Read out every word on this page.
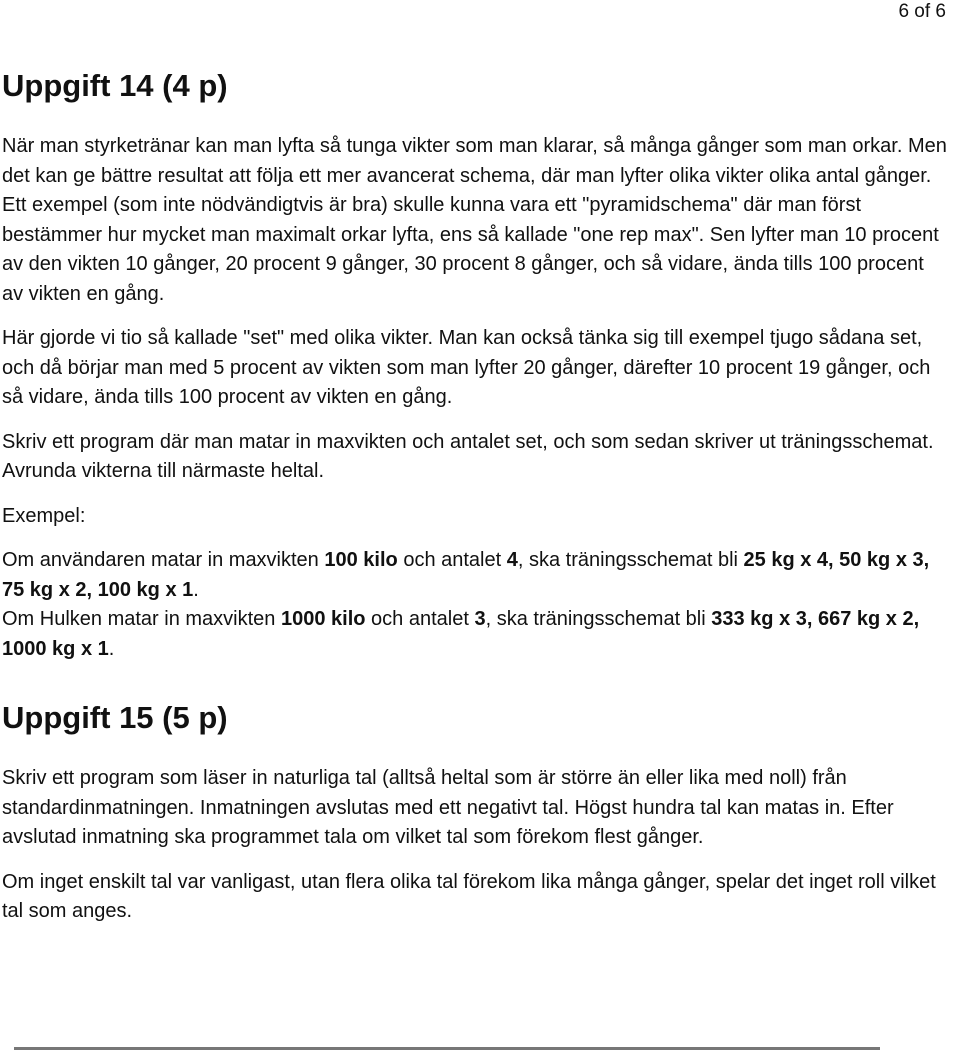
6 of 6
Uppgift 14 (4 p)

När man styrketränar kan man lyfta så tunga vikter som man klarar, så många gånger som man orkar. Men det kan ge bättre resultat att följa ett mer avancerat schema, där man lyfter olika vikter olika antal gånger. Ett exempel (som inte nödvändigtvis är bra) skulle kunna vara ett "pyramidschema" där man först bestämmer hur mycket man maximalt orkar lyfta, ens så kallade "one rep max". Sen lyfter man 10 procent av den vikten 10 gånger, 20 procent 9 gånger, 30 procent 8 gånger, och så vidare, ända tills 100 procent av vikten en gång.

Här gjorde vi tio så kallade "set" med olika vikter. Man kan också tänka sig till exempel tjugo sådana set, och då börjar man med 5 procent av vikten som man lyfter 20 gånger, därefter 10 procent 19 gånger, och så vidare, ända tills 100 procent av vikten en gång.

Skriv ett program där man matar in maxvikten och antalet set, och som sedan skriver ut träningsschemat. Avrunda vikterna till närmaste heltal.

Exempel:

Om användaren matar in maxvikten 100 kilo och antalet 4, ska träningsschemat bli 25 kg x 4, 50 kg x 3, 75 kg x 2, 100 kg x 1.

Om Hulken matar in maxvikten 1000 kilo och antalet 3, ska träningsschemat bli 333 kg x 3, 667 kg x 2, 1000 kg x 1.

Uppgift 15 (5 p)

Skriv ett program som läser in naturliga tal (alltså heltal som är större än eller lika med noll) från standardinmatningen. Inmatningen avslutas med ett negativt tal. Högst hundra tal kan matas in. Efter avslutad inmatning ska programmet tala om vilket tal som förekom flest gånger.

Om inget enskilt tal var vanligast, utan flera olika tal förekom lika många gånger, spelar det inget roll vilket tal som anges.
